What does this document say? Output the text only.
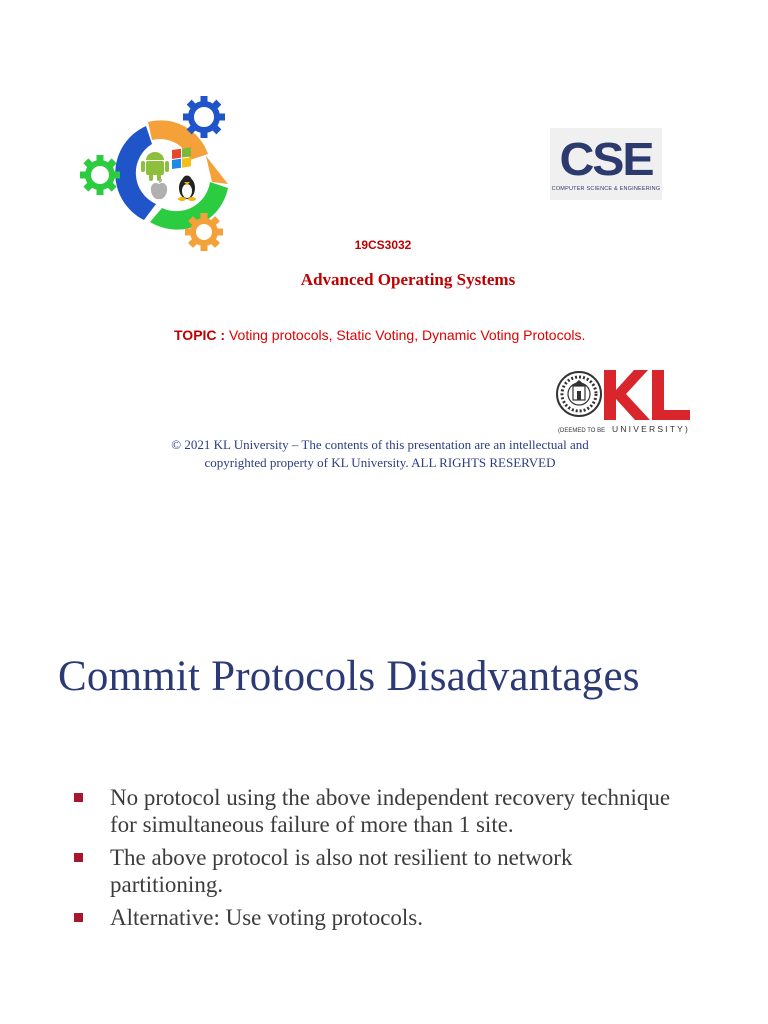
CSE
COMPUTER SCIENCE & ENGINEERING
19CS3032
Advanced Operating Systems
TOPIC : Voting protocols, Static Voting, Dynamic Voting Protocols.
(DEEMED TO BE UNIVERSITY)
© 2021 KL University – The contents of this presentation are an intellectual and
copyrighted property of KL University. ALL RIGHTS RESERVED
Commit Protocols Disadvantages
No protocol using the above independent recovery technique
for simultaneous failure of more than 1 site.
The above protocol is also not resilient to network
partitioning.
Alternative: Use voting protocols.
